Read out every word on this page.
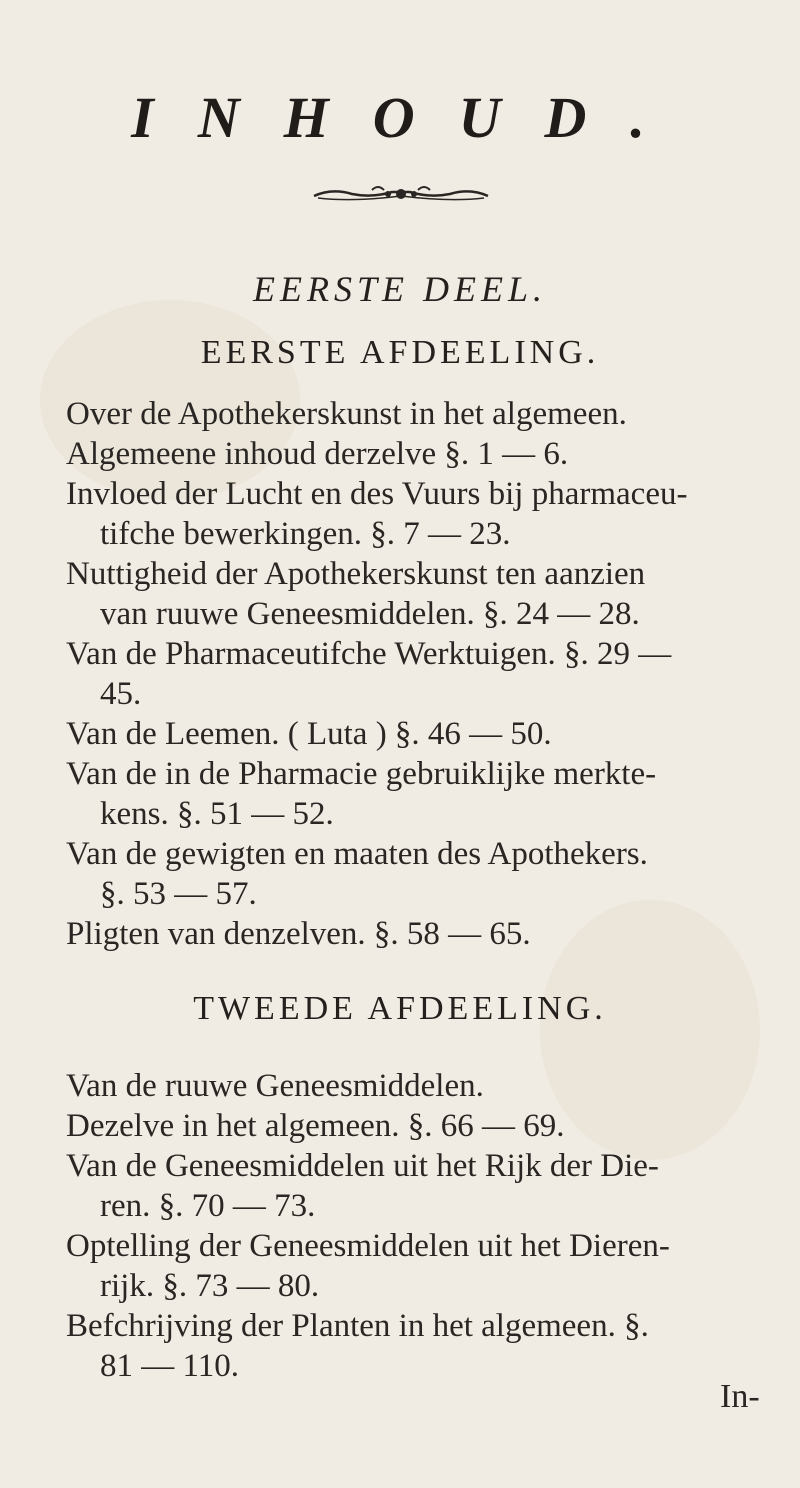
INHOUD.
EERSTE DEEL.
EERSTE AFDEELING.
Over de Apothekerskunst in het algemeen.
Algemeene inhoud derzelve §. 1 — 6.
Invloed der Lucht en des Vuurs bij pharmaceu-
tifche bewerkingen. §. 7 — 23.
Nuttigheid der Apothekerskunst ten aanzien
van ruuwe Geneesmiddelen. §. 24 — 28.
Van de Pharmaceutifche Werktuigen. §. 29 —
45.
Van de Leemen. ( Luta ) §. 46 — 50.
Van de in de Pharmacie gebruiklijke merkte-
kens. §. 51 — 52.
Van de gewigten en maaten des Apothekers.
§. 53 — 57.
Pligten van denzelven. §. 58 — 65.
TWEEDE AFDEELING.
Van de ruuwe Geneesmiddelen.
Dezelve in het algemeen. §. 66 — 69.
Van de Geneesmiddelen uit het Rijk der Die-
ren. §. 70 — 73.
Optelling der Geneesmiddelen uit het Dieren-
rijk. §. 73 — 80.
Befchrijving der Planten in het algemeen. §.
81 — 110.
In-
